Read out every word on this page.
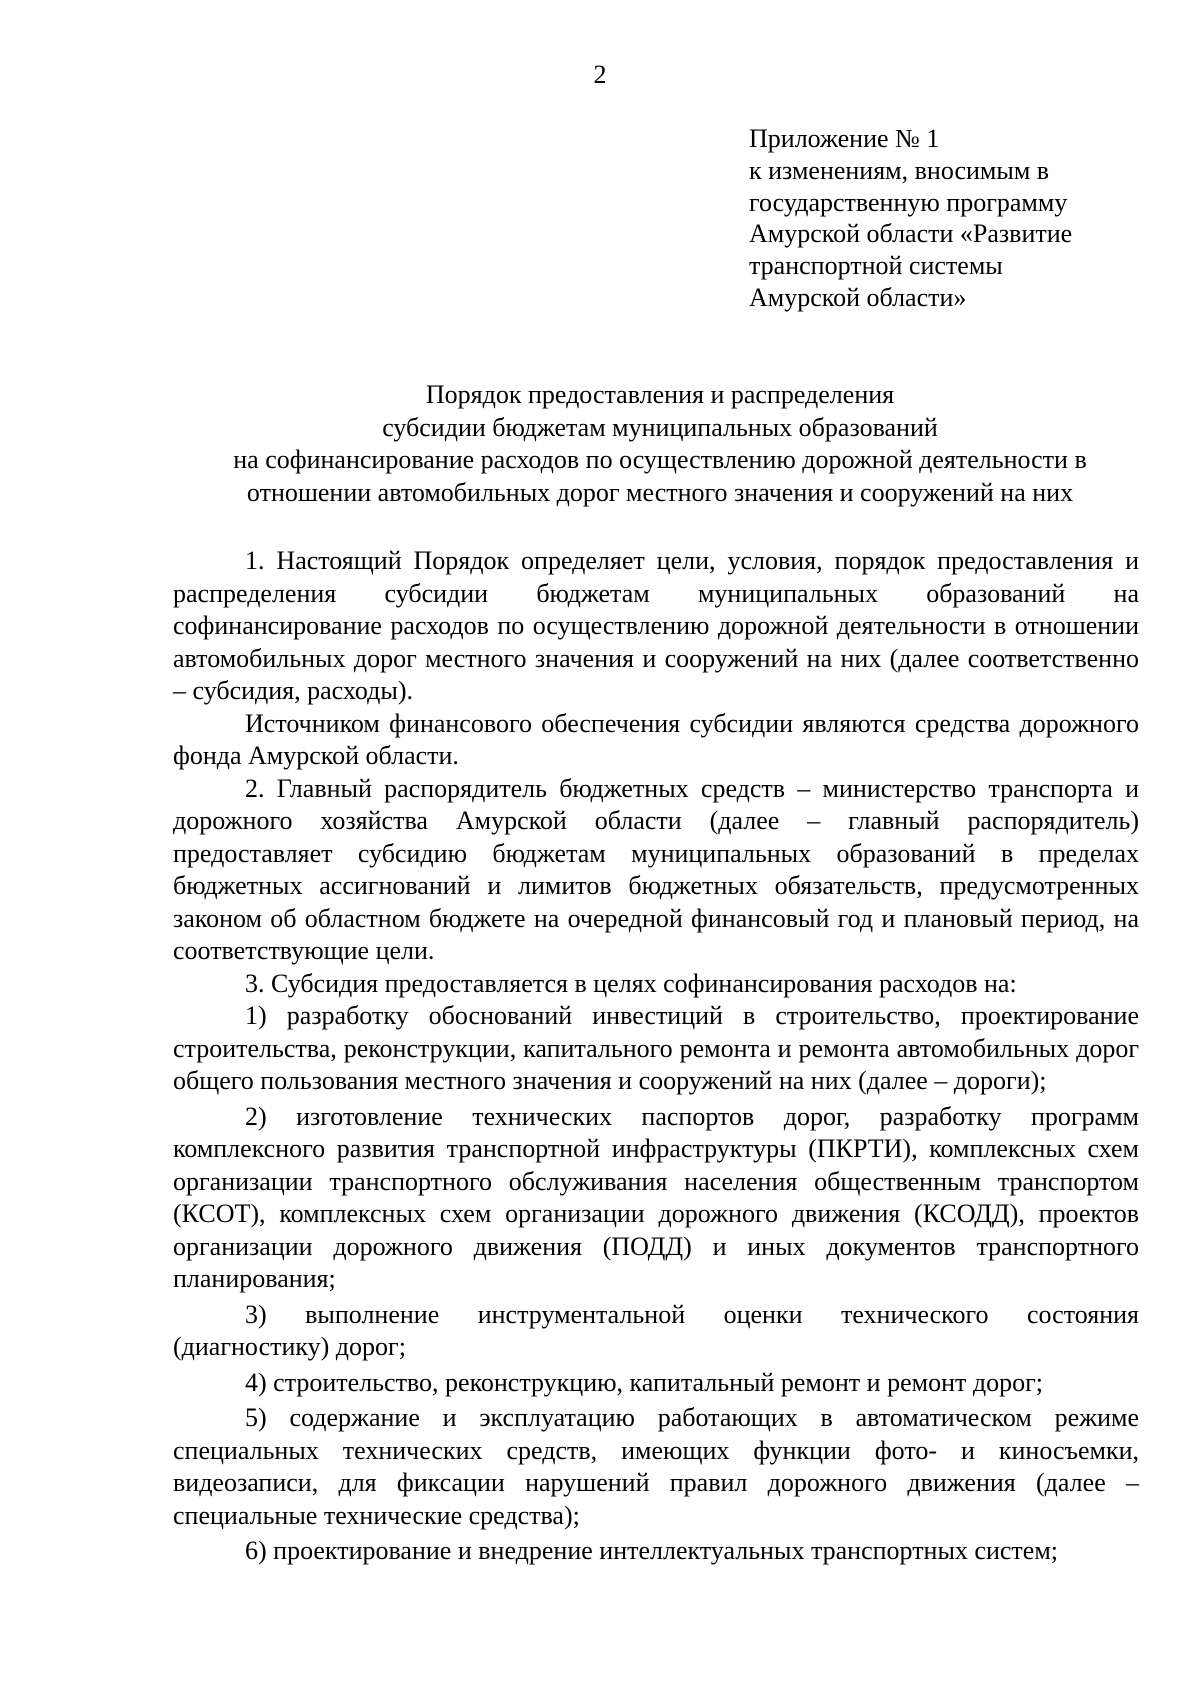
2
Приложение № 1
к изменениям, вносимым в
государственную программу
Амурской области «Развитие
транспортной системы
Амурской области»
Порядок предоставления и распределения
субсидии бюджетам муниципальных образований
на софинансирование расходов по осуществлению дорожной деятельности в
отношении автомобильных дорог местного значения и сооружений на них

1. Настоящий Порядок определяет цели, условия, порядок предоставления и распределения субсидии бюджетам муниципальных образований на софинансирование расходов по осуществлению дорожной деятельности в отношении автомобильных дорог местного значения и сооружений на них (далее соответственно – субсидия, расходы).

Источником финансового обеспечения субсидии являются средства дорожного фонда Амурской области.

2. Главный распорядитель бюджетных средств – министерство транспорта и дорожного хозяйства Амурской области (далее – главный распорядитель) предоставляет субсидию бюджетам муниципальных образований в пределах бюджетных ассигнований и лимитов бюджетных обязательств, предусмотренных законом об областном бюджете на очередной финансовый год и плановый период, на соответствующие цели.

3. Субсидия предоставляется в целях софинансирования расходов на:

1) разработку обоснований инвестиций в строительство, проектирование строительства, реконструкции, капитального ремонта и ремонта автомобильных дорог общего пользования местного значения и сооружений на них (далее – дороги);

2) изготовление технических паспортов дорог, разработку программ комплексного развития транспортной инфраструктуры (ПКРТИ), комплексных схем организации транспортного обслуживания населения общественным транспортом (КСОТ), комплексных схем организации дорожного движения (КСОДД), проектов организации дорожного движения (ПОДД) и иных документов транспортного планирования;

3) выполнение инструментальной оценки технического состояния (диагностику) дорог;

4) строительство, реконструкцию, капитальный ремонт и ремонт дорог;

5) содержание и эксплуатацию работающих в автоматическом режиме специальных технических средств, имеющих функции фото- и киносъемки, видеозаписи, для фиксации нарушений правил дорожного движения (далее – специальные технические средства);

6) проектирование и внедрение интеллектуальных транспортных систем;
